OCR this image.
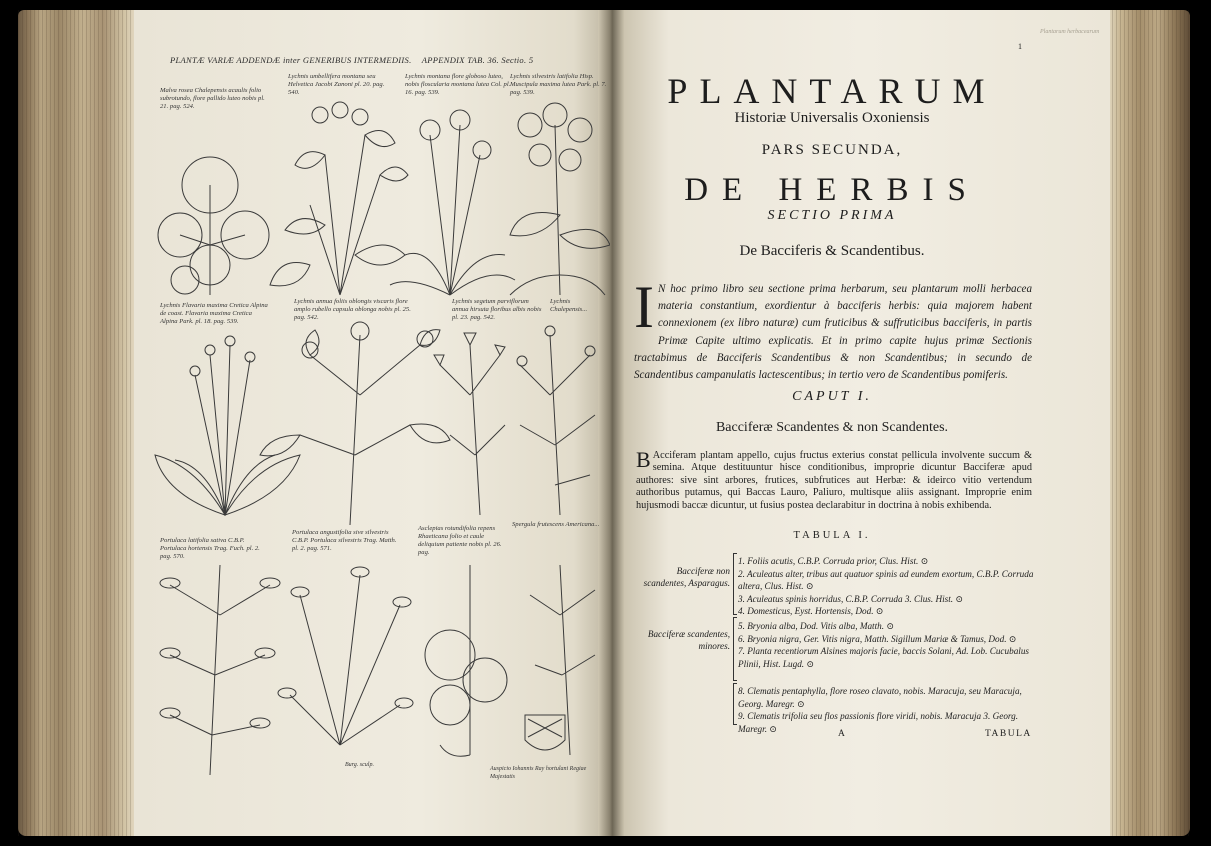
PLANTÆ VARIÆ ADDENDÆ inter GENERIBUS INTERMEDIIS. APPENDIX TAB. 36. Sectio. 5
Malva rosea Chalepensis acaulis folio subrotundo, flore pallido luteo nobis pl. 21. pag. 524.
Lychnis umbellifera montana seu Helvetica Jacobi Zanoni pl. 20. pag. 540.
Lychnis montana flore globoso luteo, nobis floscularia montana lutea Col. pl. 16. pag. 539.
Lychnis silvestris latifolia Hisp. Muscipula maxima lutea Park. pl. 7. pag. 539.
Lychnis Flavaria maxima Cretica Alpina de coast. Flavaria maxima Cretica Alpina Park. pl. 18. pag. 539.
Lychnis annua foliis oblongis viscaris flore amplo rubello capsula oblonga nobis pl. 25. pag. 542.
Lychnis segetum parviflorum annua hirsuta floribus albis nobis pl. 23. pag. 542.
Lychnis Chalepensis...
Portulaca latifolia sativa C.B.P. Portulaca hortensis Trag. Fuch. pl. 2. pag. 570.
Portulaca angustifolia sive silvestris C.B.P. Portulaca silvestris Trag. Matth. pl. 2. pag. 571.
Asclepias rotundifolia repens Rhaeticana folio et caule deliquium patiente nobis pl. 26. pag.
Spergula frutescens Americana...
Burg. sculp.
Auspicio Iohannis Ray hortulani Regiae Majestatis
Plantarum herbacearum
1
PLANTARUM
Historiæ Universalis Oxoniensis
PARS SECUNDA,
DE HERBIS
SECTIO PRIMA
De Bacciferis & Scandentibus.
I N hoc primo libro seu sectione prima herbarum, seu plantarum molli herbacea materia constantium, exordientur à bacciferis herbis: quia majorem habent connexionem (ex libro naturæ) cum fruticibus & suffruticibus bacciferis, in partis Primæ Capite ultimo explicatis. Et in primo capite hujus primæ Sectionis tractabimus de Bacciferis Scandentibus & non Scandentibus; in secundo de Scandentibus campanulatis lactescentibus; in tertio vero de Scandentibus pomiferis.
CAPUT I.
Bacciferæ Scandentes & non Scandentes.
B Acciferam plantam appello, cujus fructus exterius constat pellicula involvente succum & semina. Atque destituuntur hisce conditionibus, improprie dicuntur Bacciferæ apud authores: sive sint arbores, frutices, subfrutices aut Herbæ: & ideirco vitio vertendum authoribus putamus, qui Baccas Lauro, Paliuro, multisque aliis assignant. Improprie enim hujusmodi baccæ dicuntur, ut fusius postea declarabitur in doctrina à nobis exhibenda.
TABULA I.
Bacciferæ non scandentes, Asparagus.
1. Foliis acutis, C.B.P. Corruda prior, Clus. Hist. ⊙
2. Aculeatus alter, tribus aut quatuor spinis ad eundem exortum, C.B.P. Corruda altera, Clus. Hist. ⊙
3. Aculeatus spinis horridus, C.B.P. Corruda 3. Clus. Hist. ⊙
4. Domesticus, Eyst. Hortensis, Dod. ⊙
Bacciferæ scandentes, minores.
5. Bryonia alba, Dod. Vitis alba, Matth. ⊙
6. Bryonia nigra, Ger. Vitis nigra, Matth. Sigillum Mariæ & Tamus, Dod. ⊙
7. Planta recentiorum Alsines majoris facie, baccis Solani, Ad. Lob. Cucubalus Plinii, Hist. Lugd. ⊙
8. Clematis pentaphylla, flore roseo clavato, nobis. Maracuja, seu Maracuja, Georg. Maregr. ⊙
9. Clematis trifolia seu flos passionis flore viridi, nobis. Maracuja 3. Georg. Maregr. ⊙
A	TABULA
